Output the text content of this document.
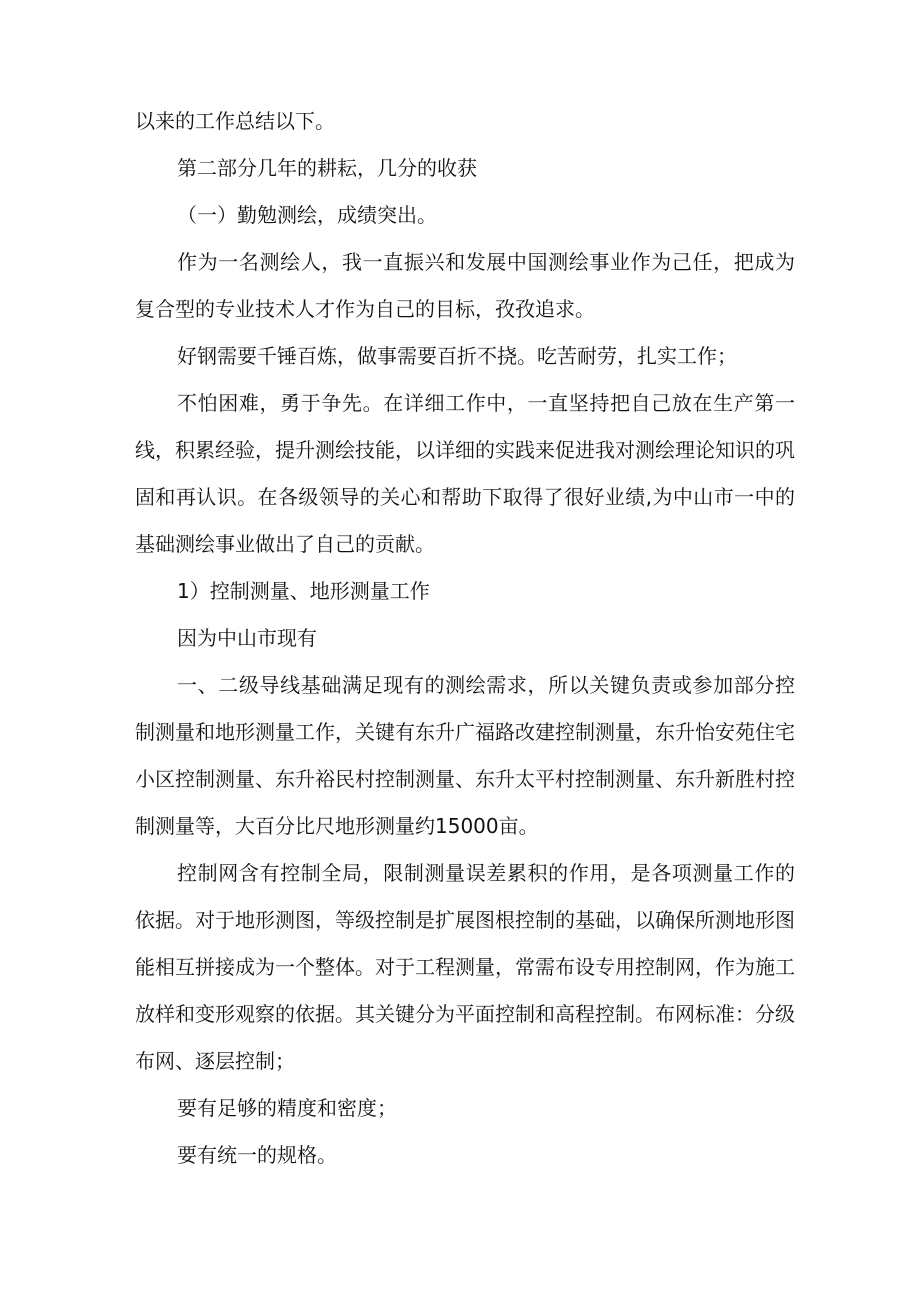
以来的工作总结以下。

第二部分几年的耕耘，几分的收获

（一）勤勉测绘，成绩突出。

作为一名测绘人，我一直振兴和发展中国测绘事业作为己任，把成为复合型的专业技术人才作为自己的目标，孜孜追求。

好钢需要千锤百炼，做事需要百折不挠。吃苦耐劳，扎实工作；

不怕困难，勇于争先。在详细工作中，一直坚持把自己放在生产第一线，积累经验，提升测绘技能，以详细的实践来促进我对测绘理论知识的巩固和再认识。在各级领导的关心和帮助下取得了很好业绩,为中山市一中的基础测绘事业做出了自己的贡献。

1）控制测量、地形测量工作

因为中山市现有

一、二级导线基础满足现有的测绘需求，所以关键负责或参加部分控制测量和地形测量工作，关键有东升广福路改建控制测量，东升怡安苑住宅小区控制测量、东升裕民村控制测量、东升太平村控制测量、东升新胜村控制测量等，大百分比尺地形测量约15000亩。

控制网含有控制全局，限制测量误差累积的作用，是各项测量工作的依据。对于地形测图，等级控制是扩展图根控制的基础，以确保所测地形图能相互拼接成为一个整体。对于工程测量，常需布设专用控制网，作为施工放样和变形观察的依据。其关键分为平面控制和高程控制。布网标准：分级布网、逐层控制；

要有足够的精度和密度；

要有统一的规格。
